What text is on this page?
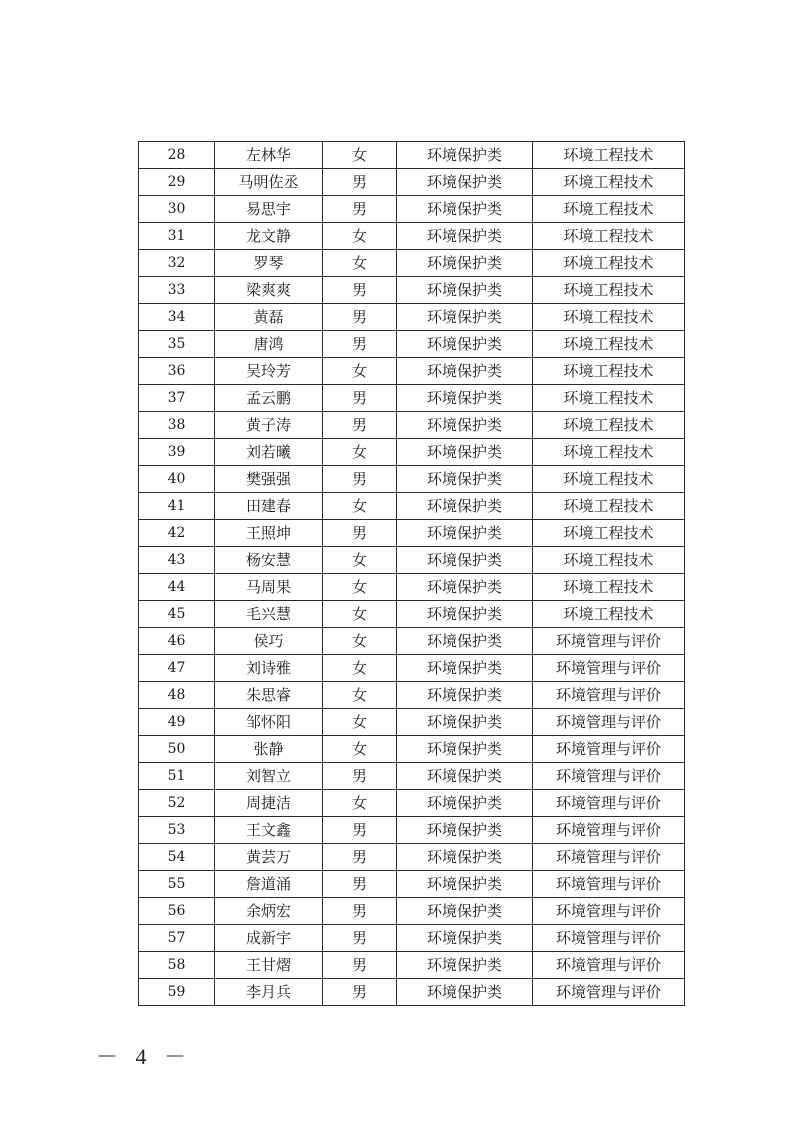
28	左林华	女	环境保护类	环境工程技术
29	马明佐丞	男	环境保护类	环境工程技术
30	易思宇	男	环境保护类	环境工程技术
31	龙文静	女	环境保护类	环境工程技术
32	罗琴	女	环境保护类	环境工程技术
33	梁爽爽	男	环境保护类	环境工程技术
34	黄磊	男	环境保护类	环境工程技术
35	唐鸿	男	环境保护类	环境工程技术
36	吴玲芳	女	环境保护类	环境工程技术
37	孟云鹏	男	环境保护类	环境工程技术
38	黄子涛	男	环境保护类	环境工程技术
39	刘若曦	女	环境保护类	环境工程技术
40	樊强强	男	环境保护类	环境工程技术
41	田建春	女	环境保护类	环境工程技术
42	王照坤	男	环境保护类	环境工程技术
43	杨安慧	女	环境保护类	环境工程技术
44	马周果	女	环境保护类	环境工程技术
45	毛兴慧	女	环境保护类	环境工程技术
46	侯巧	女	环境保护类	环境管理与评价
47	刘诗雅	女	环境保护类	环境管理与评价
48	朱思睿	女	环境保护类	环境管理与评价
49	邹怀阳	女	环境保护类	环境管理与评价
50	张静	女	环境保护类	环境管理与评价
51	刘智立	男	环境保护类	环境管理与评价
52	周捷洁	女	环境保护类	环境管理与评价
53	王文鑫	男	环境保护类	环境管理与评价
54	黄芸万	男	环境保护类	环境管理与评价
55	詹道涌	男	环境保护类	环境管理与评价
56	余炳宏	男	环境保护类	环境管理与评价
57	成新宇	男	环境保护类	环境管理与评价
58	王甘熠	男	环境保护类	环境管理与评价
59	李月兵	男	环境保护类	环境管理与评价
－ 4 －
